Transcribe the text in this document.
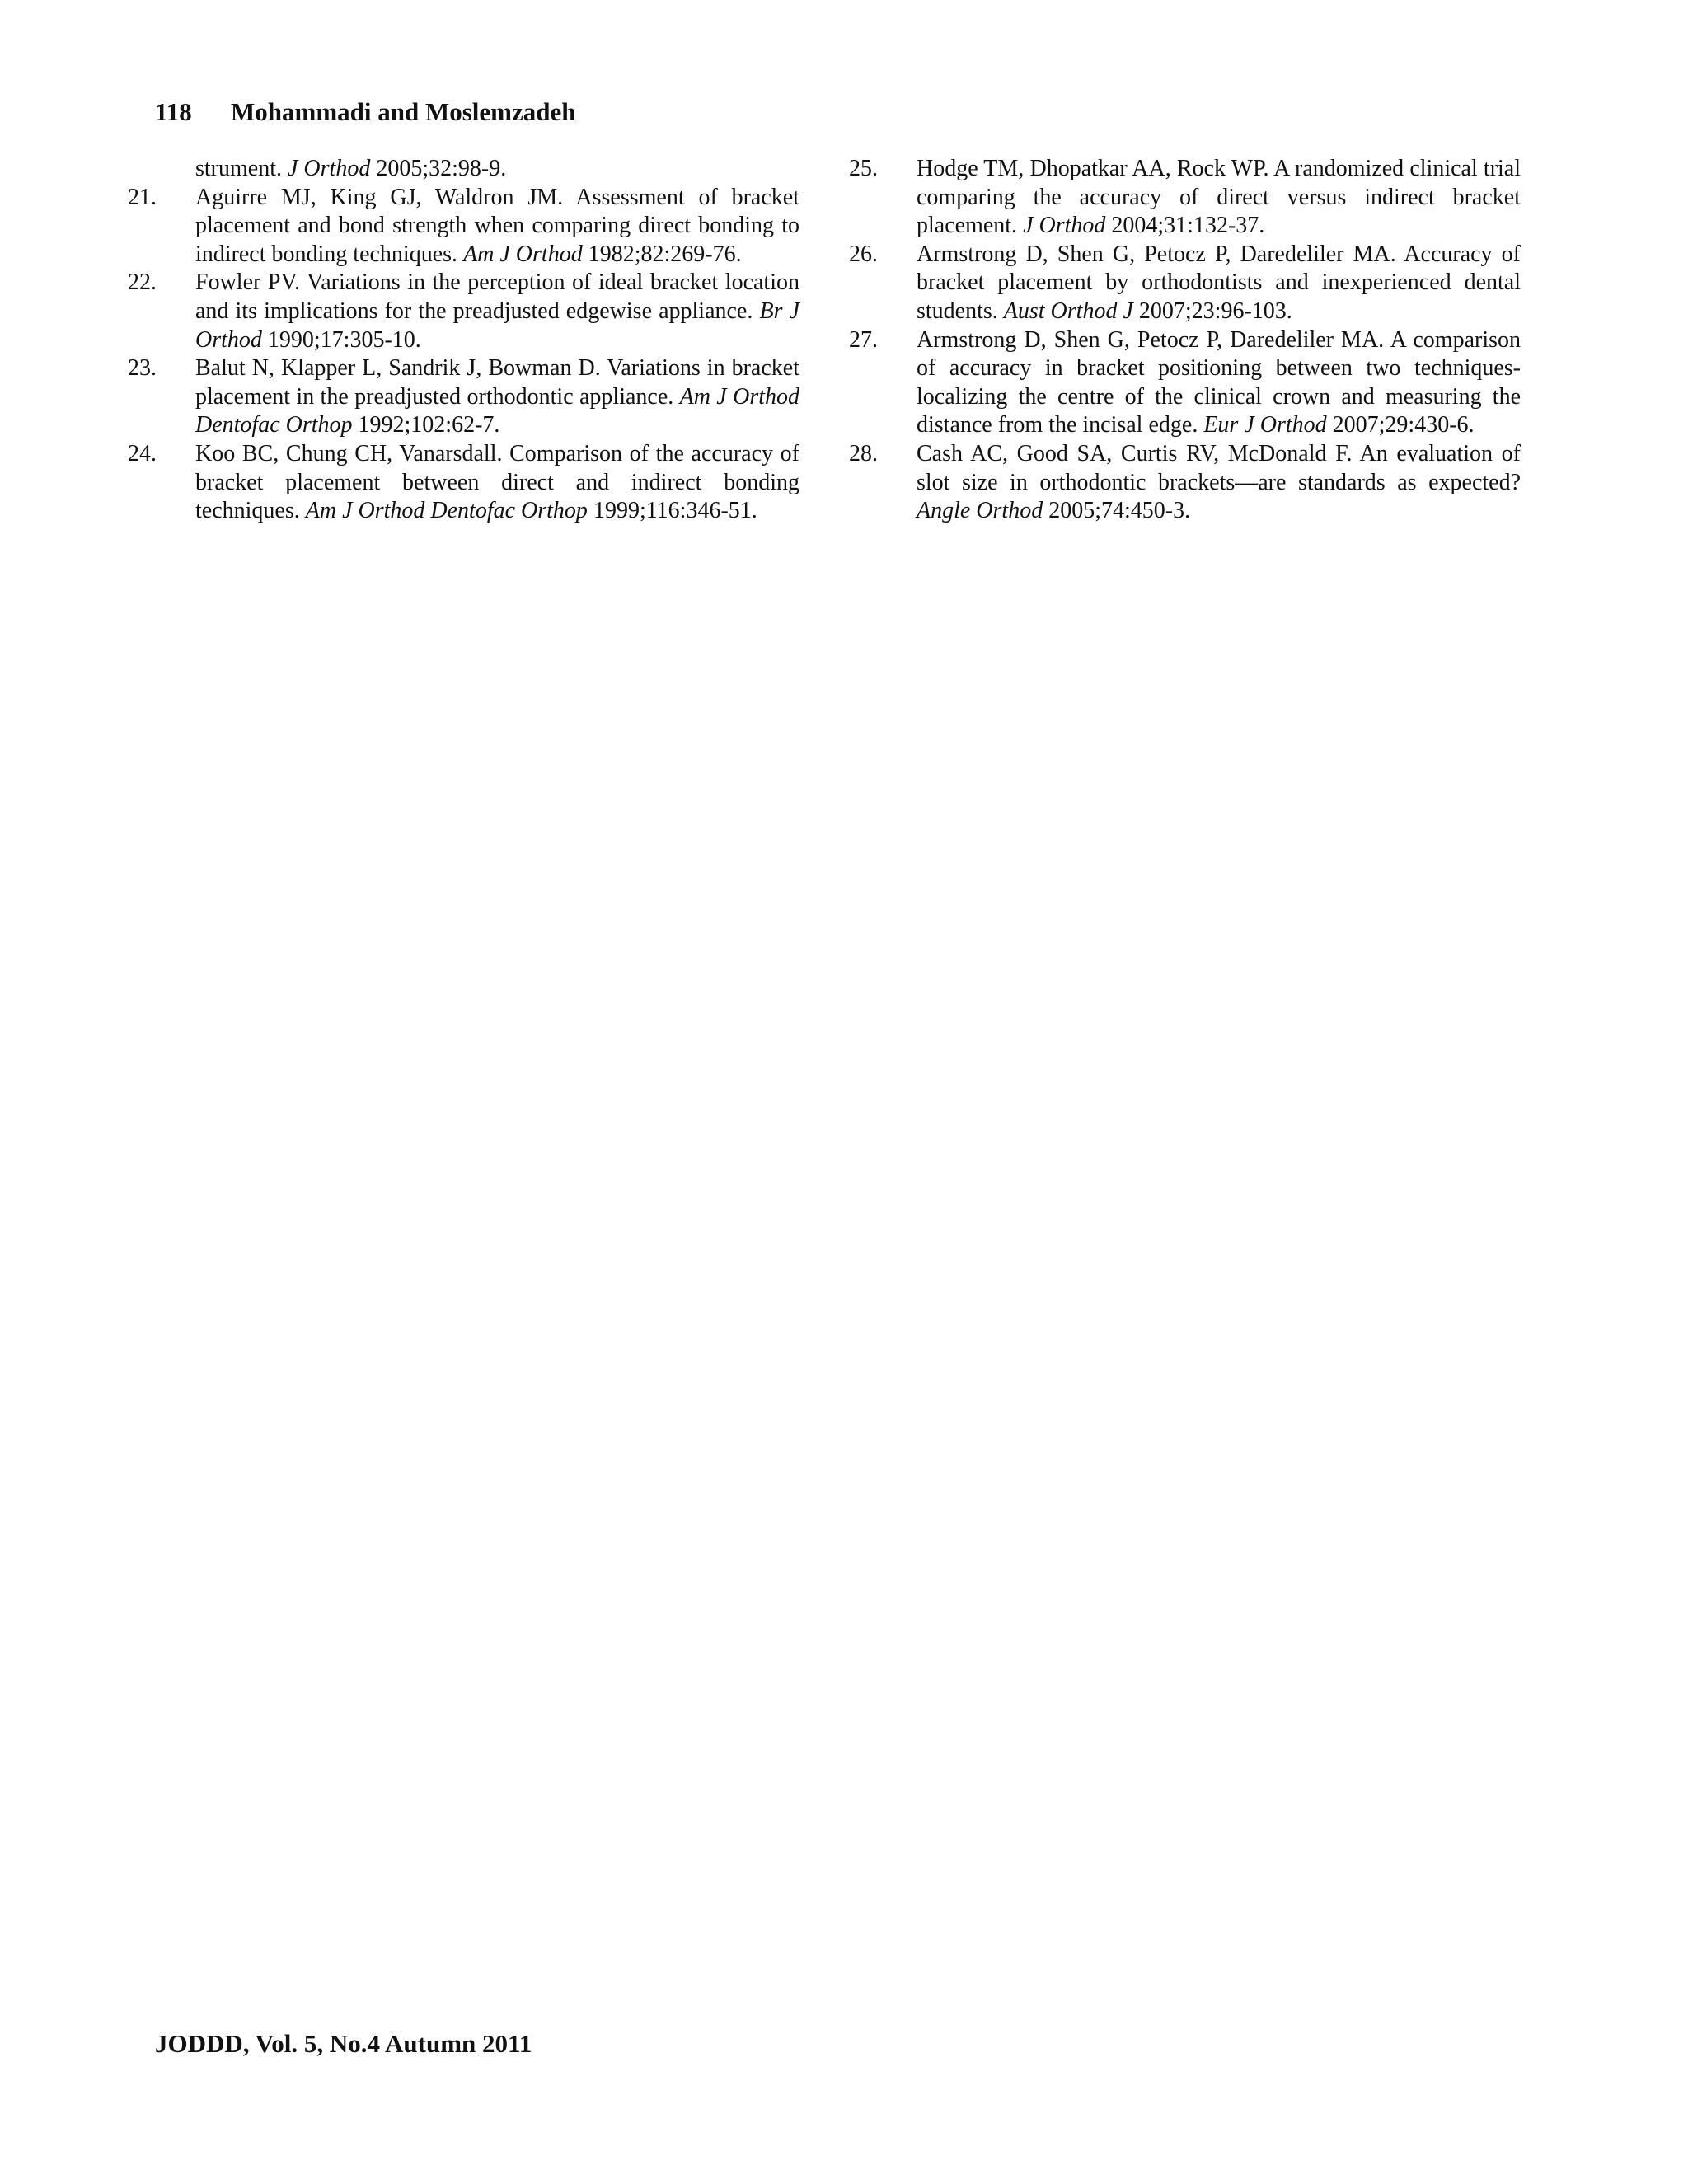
118 Mohammadi and Moslemzadeh
strument. J Orthod 2005;32:98-9.
21. Aguirre MJ, King GJ, Waldron JM. Assessment of bracket placement and bond strength when comparing direct bonding to indirect bonding techniques. Am J Orthod 1982;82:269-76.
22. Fowler PV. Variations in the perception of ideal bracket location and its implications for the preadjusted edgewise appliance. Br J Orthod 1990;17:305-10.
23. Balut N, Klapper L, Sandrik J, Bowman D. Variations in bracket placement in the preadjusted orthodontic appliance. Am J Orthod Dentofac Orthop 1992;102:62-7.
24. Koo BC, Chung CH, Vanarsdall. Comparison of the accuracy of bracket placement between direct and indirect bonding techniques. Am J Orthod Dentofac Orthop 1999;116:346-51.
25. Hodge TM, Dhopatkar AA, Rock WP. A randomized clinical trial comparing the accuracy of direct versus indirect bracket placement. J Orthod 2004;31:132-37.
26. Armstrong D, Shen G, Petocz P, Daredeliler MA. Accuracy of bracket placement by orthodontists and inexperienced dental students. Aust Orthod J 2007;23:96-103.
27. Armstrong D, Shen G, Petocz P, Daredeliler MA. A comparison of accuracy in bracket positioning between two techniques-localizing the centre of the clinical crown and measuring the distance from the incisal edge. Eur J Orthod 2007;29:430-6.
28. Cash AC, Good SA, Curtis RV, McDonald F. An evaluation of slot size in orthodontic brackets—are standards as expected? Angle Orthod 2005;74:450-3.
JODDD, Vol. 5, No.4 Autumn 2011
